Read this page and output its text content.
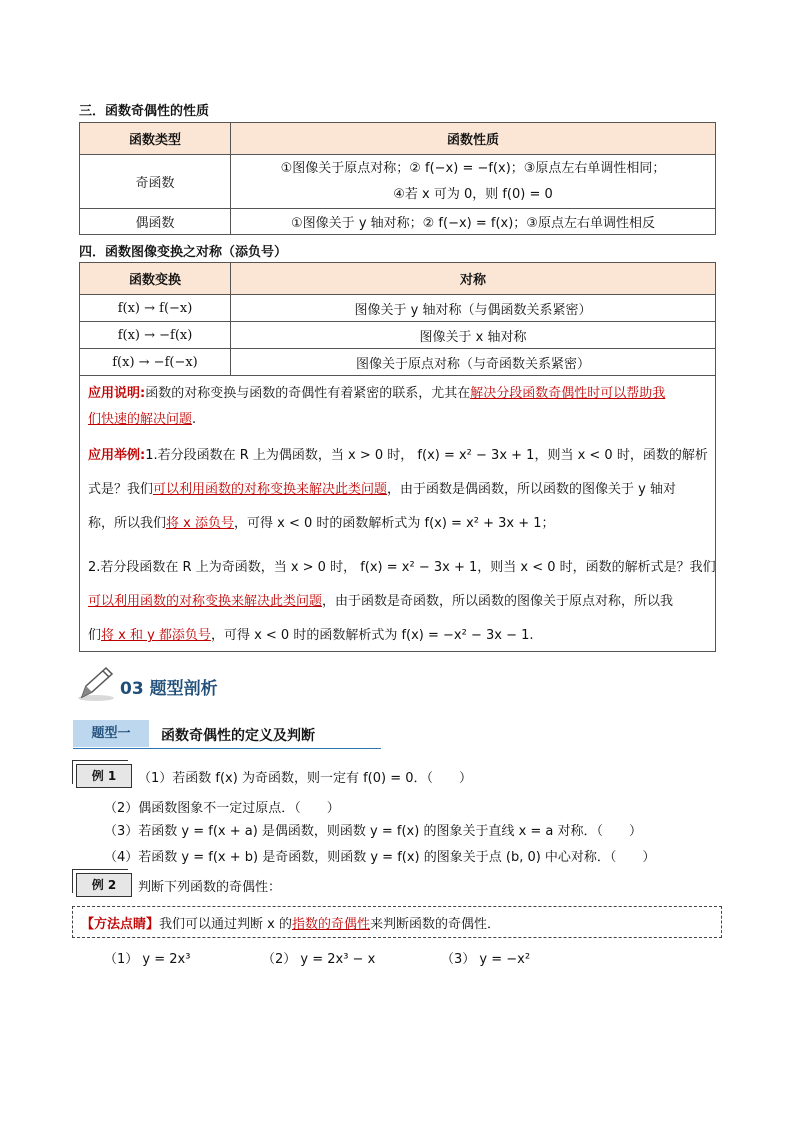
三．函数奇偶性的性质
函数类型	函数性质
奇函数	①图像关于原点对称；② f(−x) = −f(x)；③原点左右单调性相同；
④若 x 可为 0，则 f(0) = 0

偶函数	①图像关于 y 轴对称；② f(−x) = f(x)；③原点左右单调性相反
四．函数图像变换之对称（添负号）
函数变换	对称
f(x) → f(−x)	图像关于 y 轴对称（与偶函数关系紧密）
f(x) → −f(x)	图像关于 x 轴对称
f(x) → −f(−x)	图像关于原点对称（与奇函数关系紧密）
应用说明:函数的对称变换与函数的奇偶性有着紧密的联系，尤其在解决分段函数奇偶性时可以帮助我
们快速的解决问题.
应用举例:1.若分段函数在 R 上为偶函数，当 x > 0 时， f(x) = x² − 3x + 1，则当 x < 0 时，函数的解析
式是？我们可以利用函数的对称变换来解决此类问题，由于函数是偶函数，所以函数的图像关于 y 轴对
称，所以我们将 x 添负号，可得 x < 0 时的函数解析式为 f(x) = x² + 3x + 1；
2.若分段函数在 R 上为奇函数，当 x > 0 时， f(x) = x² − 3x + 1，则当 x < 0 时，函数的解析式是？我们
可以利用函数的对称变换来解决此类问题，由于函数是奇函数，所以函数的图像关于原点对称，所以我
们将 x 和 y 都添负号，可得 x < 0 时的函数解析式为 f(x) = −x² − 3x − 1.
03 题型剖析
题型一	函数奇偶性的定义及判断
例 1	（1）若函数 f(x) 为奇函数，则一定有 f(0) = 0．（　　）
（2）偶函数图象不一定过原点．（　　）
（3）若函数 y = f(x + a) 是偶函数，则函数 y = f(x) 的图象关于直线 x = a 对称．（　　）
（4）若函数 y = f(x + b) 是奇函数，则函数 y = f(x) 的图象关于点 (b, 0) 中心对称．（　　）
例 2	判断下列函数的奇偶性：
【方法点睛】我们可以通过判断 x 的指数的奇偶性来判断函数的奇偶性．
（1） y = 2x³	（2） y = 2x³ − x	（3） y = −x²
